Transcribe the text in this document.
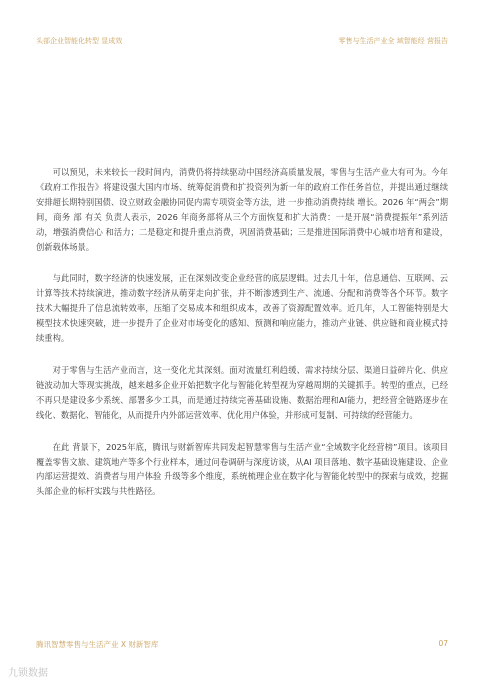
头部企业智能化转型 显成效	零售与生活产业全 域智能经 营报告

可以预见，未来较长一段时间内，消费仍将持续驱动中国经济高质量发展，零售与生活产业大有可为。今年《政府工作报告》将建设强大国内市场、统筹促消费和扩投资列为新一年的政府工作任务首位，并提出通过继续安排超长期特别国债、设立财政金融协同促内需专项资金等方法，进 一步推动消费持续 增长。2026 年“两会”期间，商务 部 有关 负责人表示，2026 年商务部将从三个方面恢复和扩大消费：一是开展“消费提振年”系列活动，增强消费信心 和活力；二是稳定和提升重点消费，巩固消费基础；三是推进国际消费中心城市培育和建设，创新载体场景。

与此同时，数字经济的快速发展，正在深刻改变企业经营的底层逻辑。过去几十年，信息通信、互联网、云计算等技术持续演进，推动数字经济从萌芽走向扩张，并不断渗透到生产、流通、分配和消费等各个环节。数字技术大幅提升了信息流转效率，压缩了交易成本和组织成本，改善了资源配置效率。近几年，人工智能特别是大模型技术快速突破，进一步提升了企业对市场变化的感知、预测和响应能力，推动产业链、供应链和商业模式持续重构。

对于零售与生活产业而言，这一变化尤其深刻。面对流量红利趋缓、需求持续分层、渠道日益碎片化、供应链波动加大等现实挑战，越来越多企业开始把数字化与智能化转型视为穿越周期的关键抓手。转型的重点，已经不再只是建设多少系统、部署多少工具，而是通过持续完善基础设施、数据治理和AI能力，把经营全链路逐步在线化、数据化、智能化，从而提升内外部运营效率、优化用户体验，并形成可复制、可持续的经营能力。

在此 背景下，2025年底，腾讯与财新智库共同发起智慧零售与生活产业“全域数字化经营榜”项目。该项目覆盖零售文旅、建筑地产等多个行业样本，通过问卷调研与深度访谈，从AI 项目落地、数字基础设施建设、企业内部运营提效、消费者与用户体验 升级等多个维度，系统梳理企业在数字化与智能化转型中的探索与成效，挖掘头部企业的标杆实践与共性路径。

腾讯智慧零售与生活产业 X 财新智库	07
九锁数据
